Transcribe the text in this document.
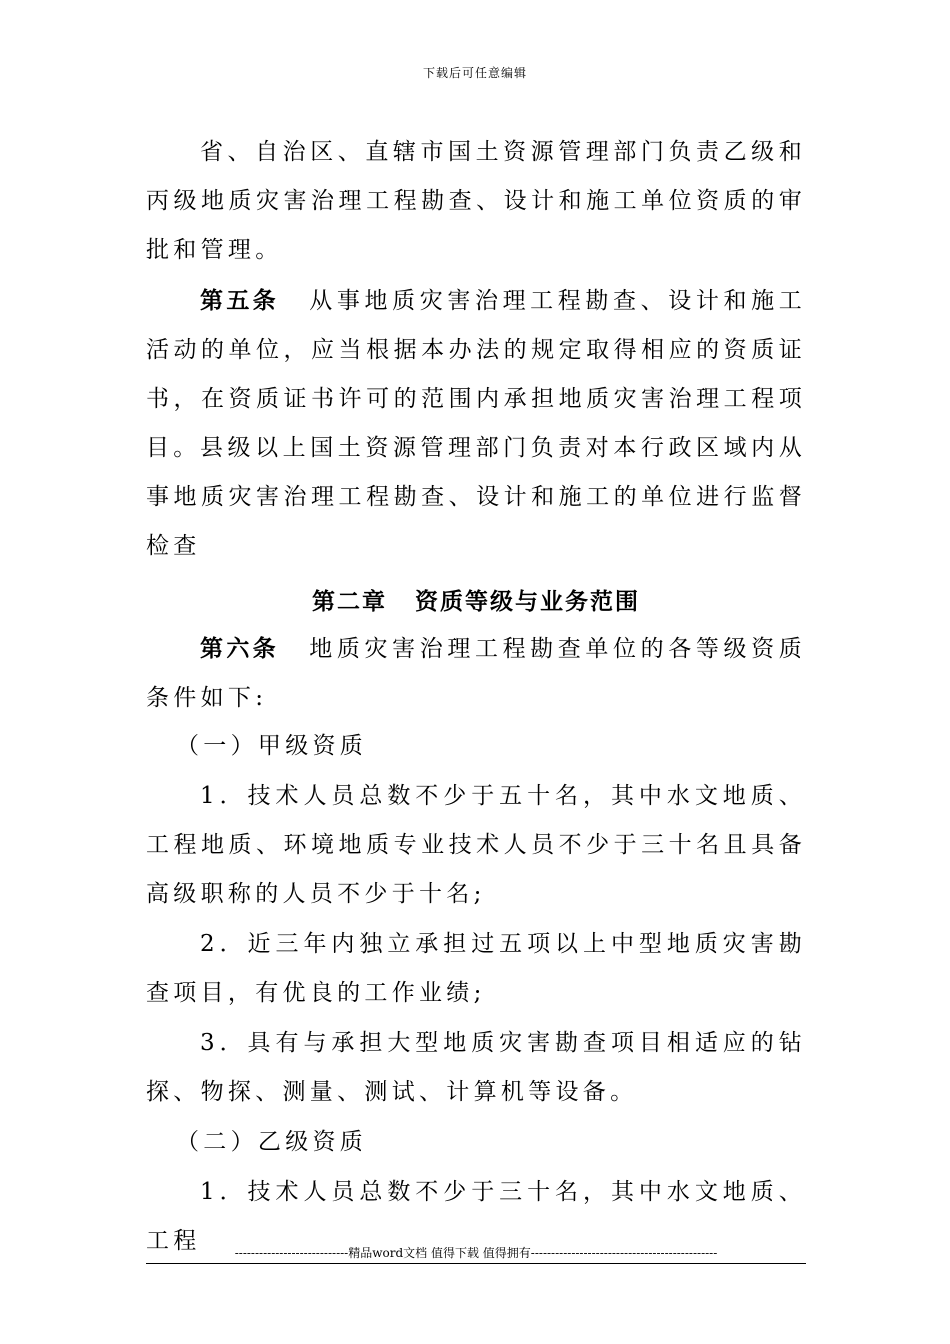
下载后可任意编辑

省、自治区、直辖市国土资源管理部门负责乙级和丙级地质灾害治理工程勘查、设计和施工单位资质的审批和管理。

第五条 从事地质灾害治理工程勘查、设计和施工活动的单位，应当根据本办法的规定取得相应的资质证书，在资质证书许可的范围内承担地质灾害治理工程项目。 县级以上国土资源管理部门负责对本行政区域内从事地质灾害治理工程勘查、设计和施工的单位进行监督检查

第二章 资质等级与业务范围

第六条 地质灾害治理工程勘查单位的各等级资质条件如下:

（一）甲级资质

1．技术人员总数不少于五十名，其中水文地质、工程地质、环境地质专业技术人员不少于三十名且具备高级职称的人员不少于十名;

2．近三年内独立承担过五项以上中型地质灾害勘查项目，有优良的工作业绩;

3．具有与承担大型地质灾害勘查项目相适应的钻探、物探、测量、测试、计算机等设备。

（二）乙级资质

1．技术人员总数不少于三十名，其中水文地质、工程	----------------------------精品word文档 值得下载 值得拥有----------------------------------------------
